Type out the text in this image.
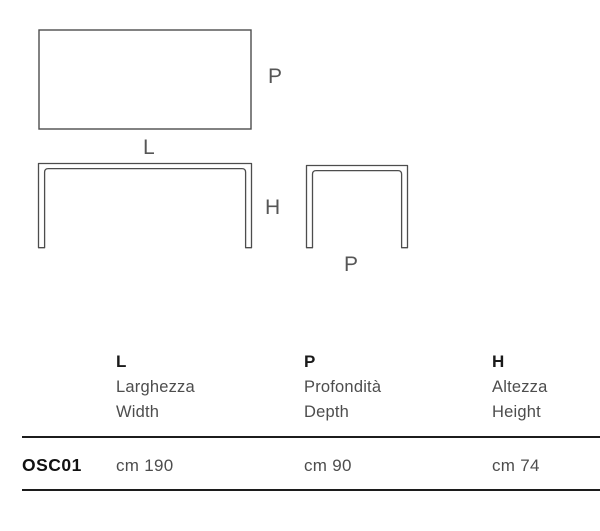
P
L
H
P
L
Larghezza
Width
P
Profondità
Depth
H
Altezza
Height
OSC01 cm 190	cm 90	cm 74
